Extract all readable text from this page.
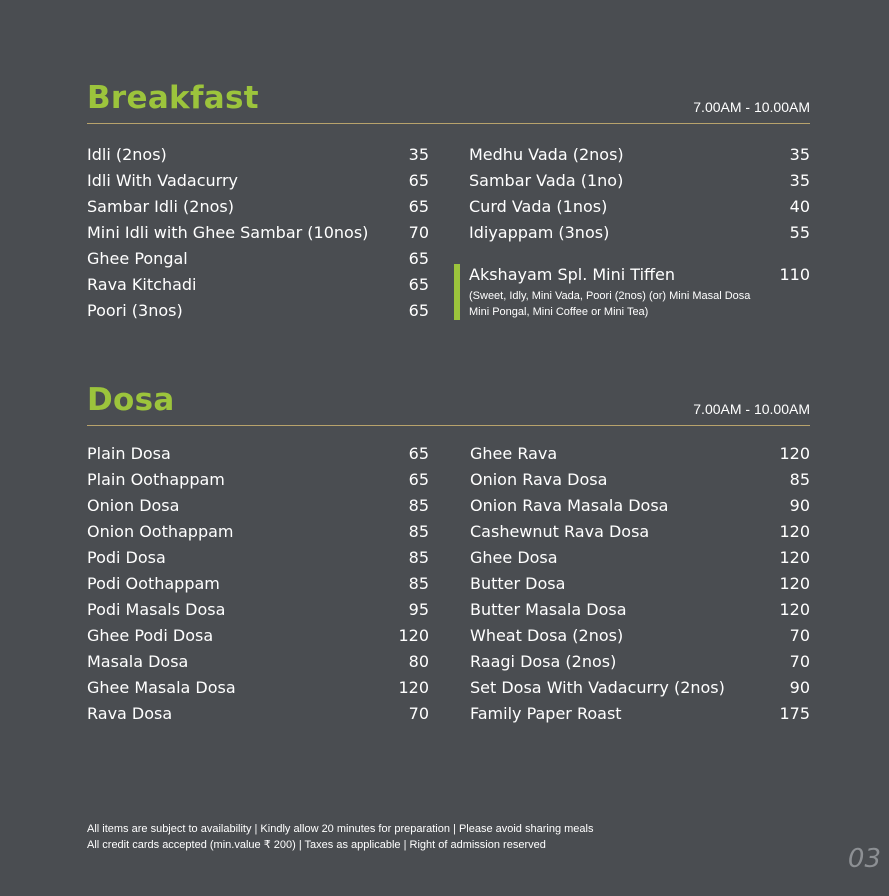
Breakfast	7.00AM - 10.00AM
Idli (2nos)	35
Idli With Vadacurry	65
Sambar Idli (2nos)	65
Mini Idli with Ghee Sambar (10nos)	70
Ghee Pongal	65
Rava Kitchadi	65
Poori (3nos)	65
Medhu Vada (2nos)	35
Sambar Vada (1no)	35
Curd Vada (1nos)	40
Idiyappam (3nos)	55
Akshayam Spl. Mini Tiffen	110
(Sweet, Idly, Mini Vada, Poori (2nos) (or) Mini Masal Dosa
Mini Pongal, Mini Coffee or Mini Tea)
Dosa	7.00AM - 10.00AM
Plain Dosa	65
Plain Oothappam	65
Onion Dosa	85
Onion Oothappam	85
Podi Dosa	85
Podi Oothappam	85
Podi Masals Dosa	95
Ghee Podi Dosa	120
Masala Dosa	80
Ghee Masala Dosa	120
Rava Dosa	70
Ghee Rava	120
Onion Rava Dosa	85
Onion Rava Masala Dosa	90
Cashewnut Rava Dosa	120
Ghee Dosa	120
Butter Dosa	120
Butter Masala Dosa	120
Wheat Dosa (2nos)	70
Raagi Dosa (2nos)	70
Set Dosa With Vadacurry (2nos)	90
Family Paper Roast	175
All items are subject to availability | Kindly allow 20 minutes for preparation | Please avoid sharing meals
All credit cards accepted (min.value ₹ 200) | Taxes as applicable | Right of admission reserved	03
